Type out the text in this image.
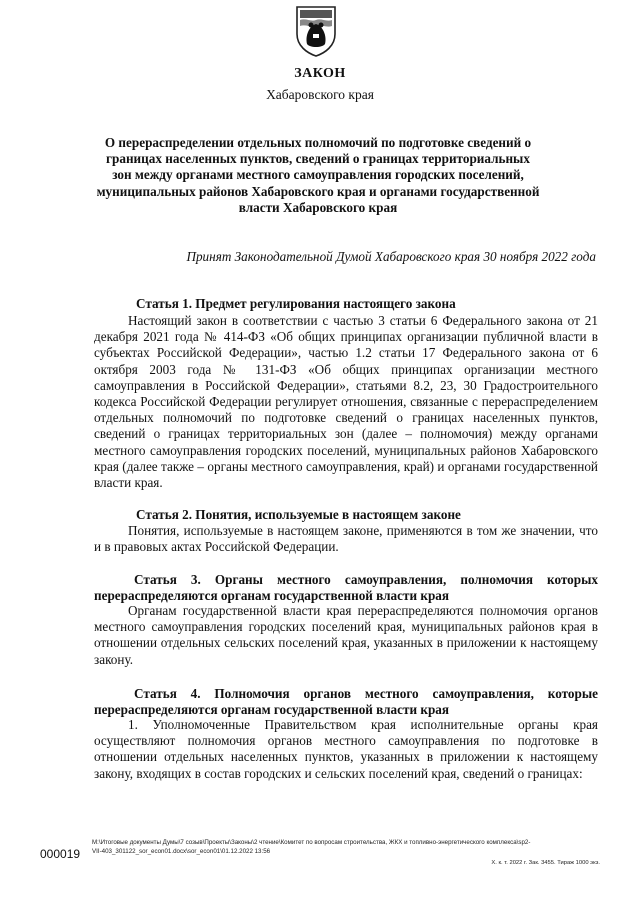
ЗАКОН
Хабаровского края
О перераспределении отдельных полномочий по подготовке сведений о границах населенных пунктов, сведений о границах территориальных зон между органами местного самоуправления городских поселений, муниципальных районов Хабаровского края и органами государственной власти Хабаровского края
Принят Законодательной Думой Хабаровского края 30 ноября 2022 года
Статья 1. Предмет регулирования настоящего закона
Настоящий закон в соответствии с частью 3 статьи 6 Федерального закона от 21 декабря 2021 года № 414-ФЗ «Об общих принципах организации публичной власти в субъектах Российской Федерации», частью 1.2 статьи 17 Федерального закона от 6 октября 2003 года № 131-ФЗ «Об общих принципах организации местного самоуправления в Российской Федерации», статьями 8.2, 23, 30 Градостроительного кодекса Российской Федерации регулирует отношения, связанные с перераспределением отдельных полномочий по подготовке сведений о границах населенных пунктов, сведений о границах территориальных зон (далее – полномочия) между органами местного самоуправления городских поселений, муниципальных районов Хабаровского края (далее также – органы местного самоуправления, край) и органами государственной власти края.
Статья 2. Понятия, используемые в настоящем законе
Понятия, используемые в настоящем законе, применяются в том же значении, что и в правовых актах Российской Федерации.
Статья 3. Органы местного самоуправления, полномочия которых перераспределяются органам государственной власти края
Органам государственной власти края перераспределяются полномочия органов местного самоуправления городских поселений края, муниципальных районов края в отношении отдельных сельских поселений края, указанных в приложении к настоящему закону.
Статья 4. Полномочия органов местного самоуправления, которые перераспределяются органам государственной власти края
1. Уполномоченные Правительством края исполнительные органы края осуществляют полномочия органов местного самоуправления по подготовке в отношении отдельных населенных пунктов, указанных в приложении к настоящему закону, входящих в состав городских и сельских поселений края, сведений о границах:
000019
M:\Итоговые документы Думы\7 созыв\Проекты\Законы\2 чтение\Комитет по вопросам строительства, ЖКХ и топливно-энергетического комплекса\sp2-
VII-403_301122_sor_econ01.docx\sor_econ01\01.12.2022 13:56
Х. к. т. 2022 г. Зак. 3455. Тираж 1000 экз.
